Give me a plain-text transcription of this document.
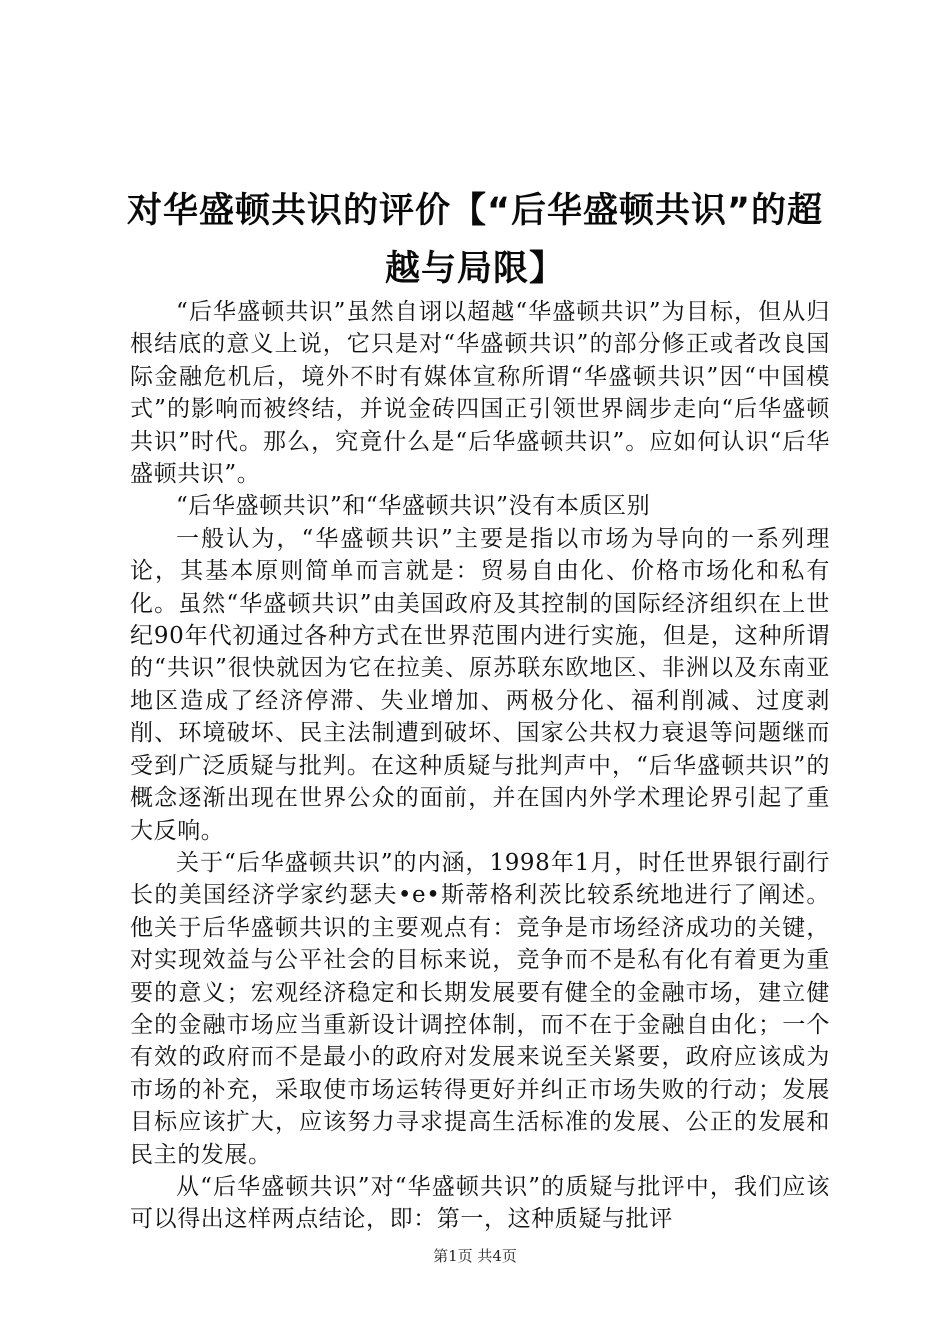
对华盛顿共识的评价【“后华盛顿共识”的超越与局限】

“后华盛顿共识”虽然自诩以超越“华盛顿共识”为目标，但从归根结底的意义上说，它只是对“华盛顿共识”的部分修正或者改良国际金融危机后，境外不时有媒体宣称所谓“华盛顿共识”因“中国模式”的影响而被终结，并说金砖四国正引领世界阔步走向“后华盛顿共识”时代。那么，究竟什么是“后华盛顿共识”。应如何认识“后华盛顿共识”。

“后华盛顿共识”和“华盛顿共识”没有本质区别

一般认为，“华盛顿共识”主要是指以市场为导向的一系列理论，其基本原则简单而言就是：贸易自由化、价格市场化和私有化。虽然“华盛顿共识”由美国政府及其控制的国际经济组织在上世纪90年代初通过各种方式在世界范围内进行实施，但是，这种所谓的“共识”很快就因为它在拉美、原苏联东欧地区、非洲以及东南亚地区造成了经济停滞、失业增加、两极分化、福利削减、过度剥削、环境破坏、民主法制遭到破坏、国家公共权力衰退等问题继而受到广泛质疑与批判。在这种质疑与批判声中，“后华盛顿共识”的概念逐渐出现在世界公众的面前，并在国内外学术理论界引起了重大反响。

关于“后华盛顿共识”的内涵，1998年1月，时任世界银行副行长的美国经济学家约瑟夫•e•斯蒂格利茨比较系统地进行了阐述。他关于后华盛顿共识的主要观点有：竞争是市场经济成功的关键，对实现效益与公平社会的目标来说，竞争而不是私有化有着更为重要的意义；宏观经济稳定和长期发展要有健全的金融市场，建立健全的金融市场应当重新设计调控体制，而不在于金融自由化；一个有效的政府而不是最小的政府对发展来说至关紧要，政府应该成为市场的补充，采取使市场运转得更好并纠正市场失败的行动；发展目标应该扩大，应该努力寻求提高生活标准的发展、公正的发展和民主的发展。

从“后华盛顿共识”对“华盛顿共识”的质疑与批评中，我们应该可以得出这样两点结论，即：第一，这种质疑与批评

第1页 共4页
